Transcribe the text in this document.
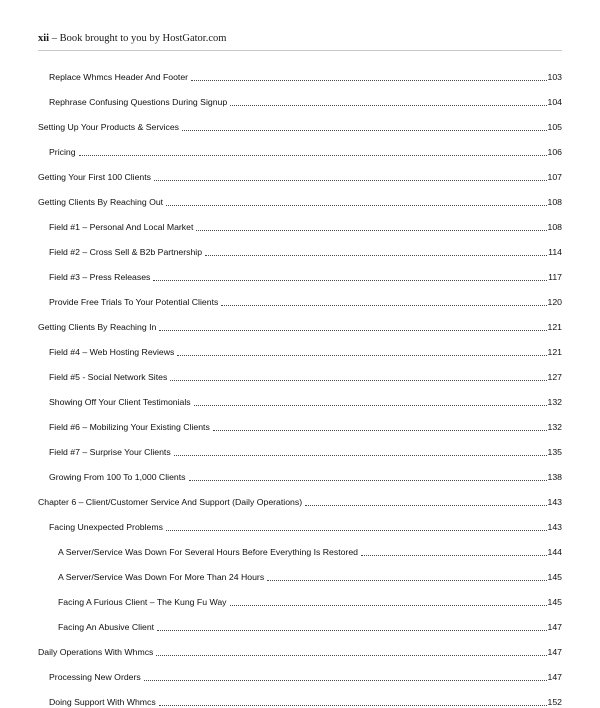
xii – Book brought to you by HostGator.com
Replace Whmcs Header And Footer	103
Rephrase Confusing Questions During Signup	104
Setting Up Your Products & Services	105
Pricing	106
Getting Your First 100 Clients	107
Getting Clients By Reaching Out	108
Field #1 – Personal And Local Market	108
Field #2 – Cross Sell & B2b Partnership	114
Field #3 – Press Releases	117
Provide Free Trials To Your Potential Clients	120
Getting Clients By Reaching In	121
Field #4 – Web Hosting Reviews	121
Field #5 - Social Network Sites	127
Showing Off Your Client Testimonials	132
Field #6 – Mobilizing Your Existing Clients	132
Field #7 – Surprise Your Clients	135
Growing From 100 To 1,000 Clients	138
Chapter 6 – Client/Customer Service And Support (Daily Operations)	143
Facing Unexpected Problems	143
A Server/Service Was Down For Several Hours Before Everything Is Restored	144
A Server/Service Was Down For More Than 24 Hours	145
Facing A Furious Client – The Kung Fu Way	145
Facing An Abusive Client	147
Daily Operations With Whmcs	147
Processing New Orders	147
Doing Support With Whmcs	152
